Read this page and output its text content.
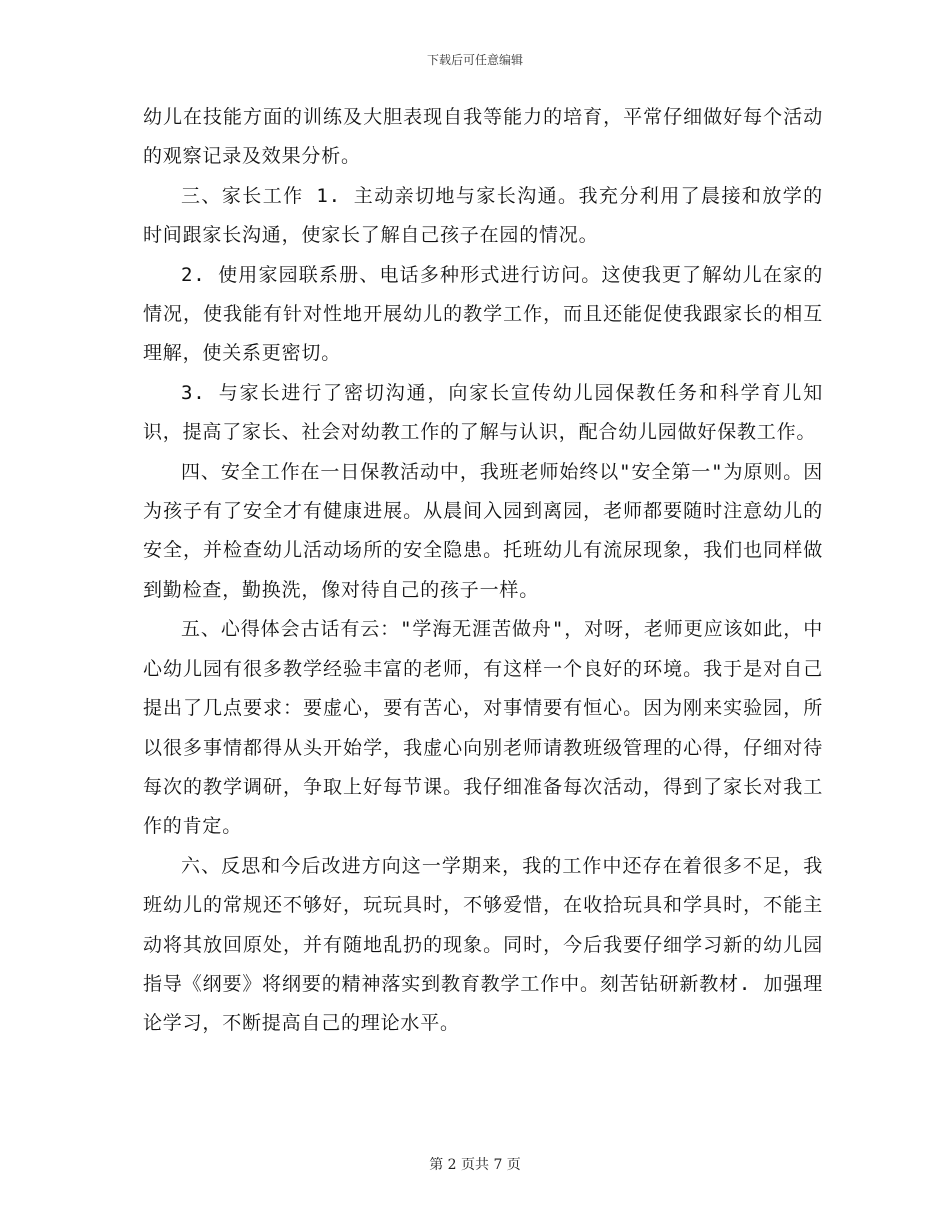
下载后可任意编辑

幼儿在技能方面的训练及大胆表现自我等能力的培育，平常仔细做好每个活动的观察记录及效果分析。

三、家长工作 1. 主动亲切地与家长沟通。我充分利用了晨接和放学的时间跟家长沟通，使家长了解自己孩子在园的情况。

2. 使用家园联系册、电话多种形式进行访问。这使我更了解幼儿在家的情况，使我能有针对性地开展幼儿的教学工作，而且还能促使我跟家长的相互理解，使关系更密切。

3. 与家长进行了密切沟通，向家长宣传幼儿园保教任务和科学育儿知识，提高了家长、社会对幼教工作的了解与认识，配合幼儿园做好保教工作。

四、安全工作在一日保教活动中，我班老师始终以"安全第一"为原则。因为孩子有了安全才有健康进展。从晨间入园到离园，老师都要随时注意幼儿的安全，并检查幼儿活动场所的安全隐患。托班幼儿有流尿现象，我们也同样做到勤检查，勤换洗，像对待自己的孩子一样。

五、心得体会古话有云："学海无涯苦做舟"，对呀，老师更应该如此，中心幼儿园有很多教学经验丰富的老师，有这样一个良好的环境。我于是对自己提出了几点要求：要虚心，要有苦心，对事情要有恒心。因为刚来实验园，所以很多事情都得从头开始学，我虚心向别老师请教班级管理的心得，仔细对待每次的教学调研，争取上好每节课。我仔细准备每次活动，得到了家长对我工作的肯定。

六、反思和今后改进方向这一学期来，我的工作中还存在着很多不足，我班幼儿的常规还不够好，玩玩具时，不够爱惜，在收拾玩具和学具时，不能主动将其放回原处，并有随地乱扔的现象。同时，今后我要仔细学习新的幼儿园指导《纲要》将纲要的精神落实到教育教学工作中。刻苦钻研新教材. 加强理论学习，不断提高自己的理论水平。

第 2 页共 7 页
